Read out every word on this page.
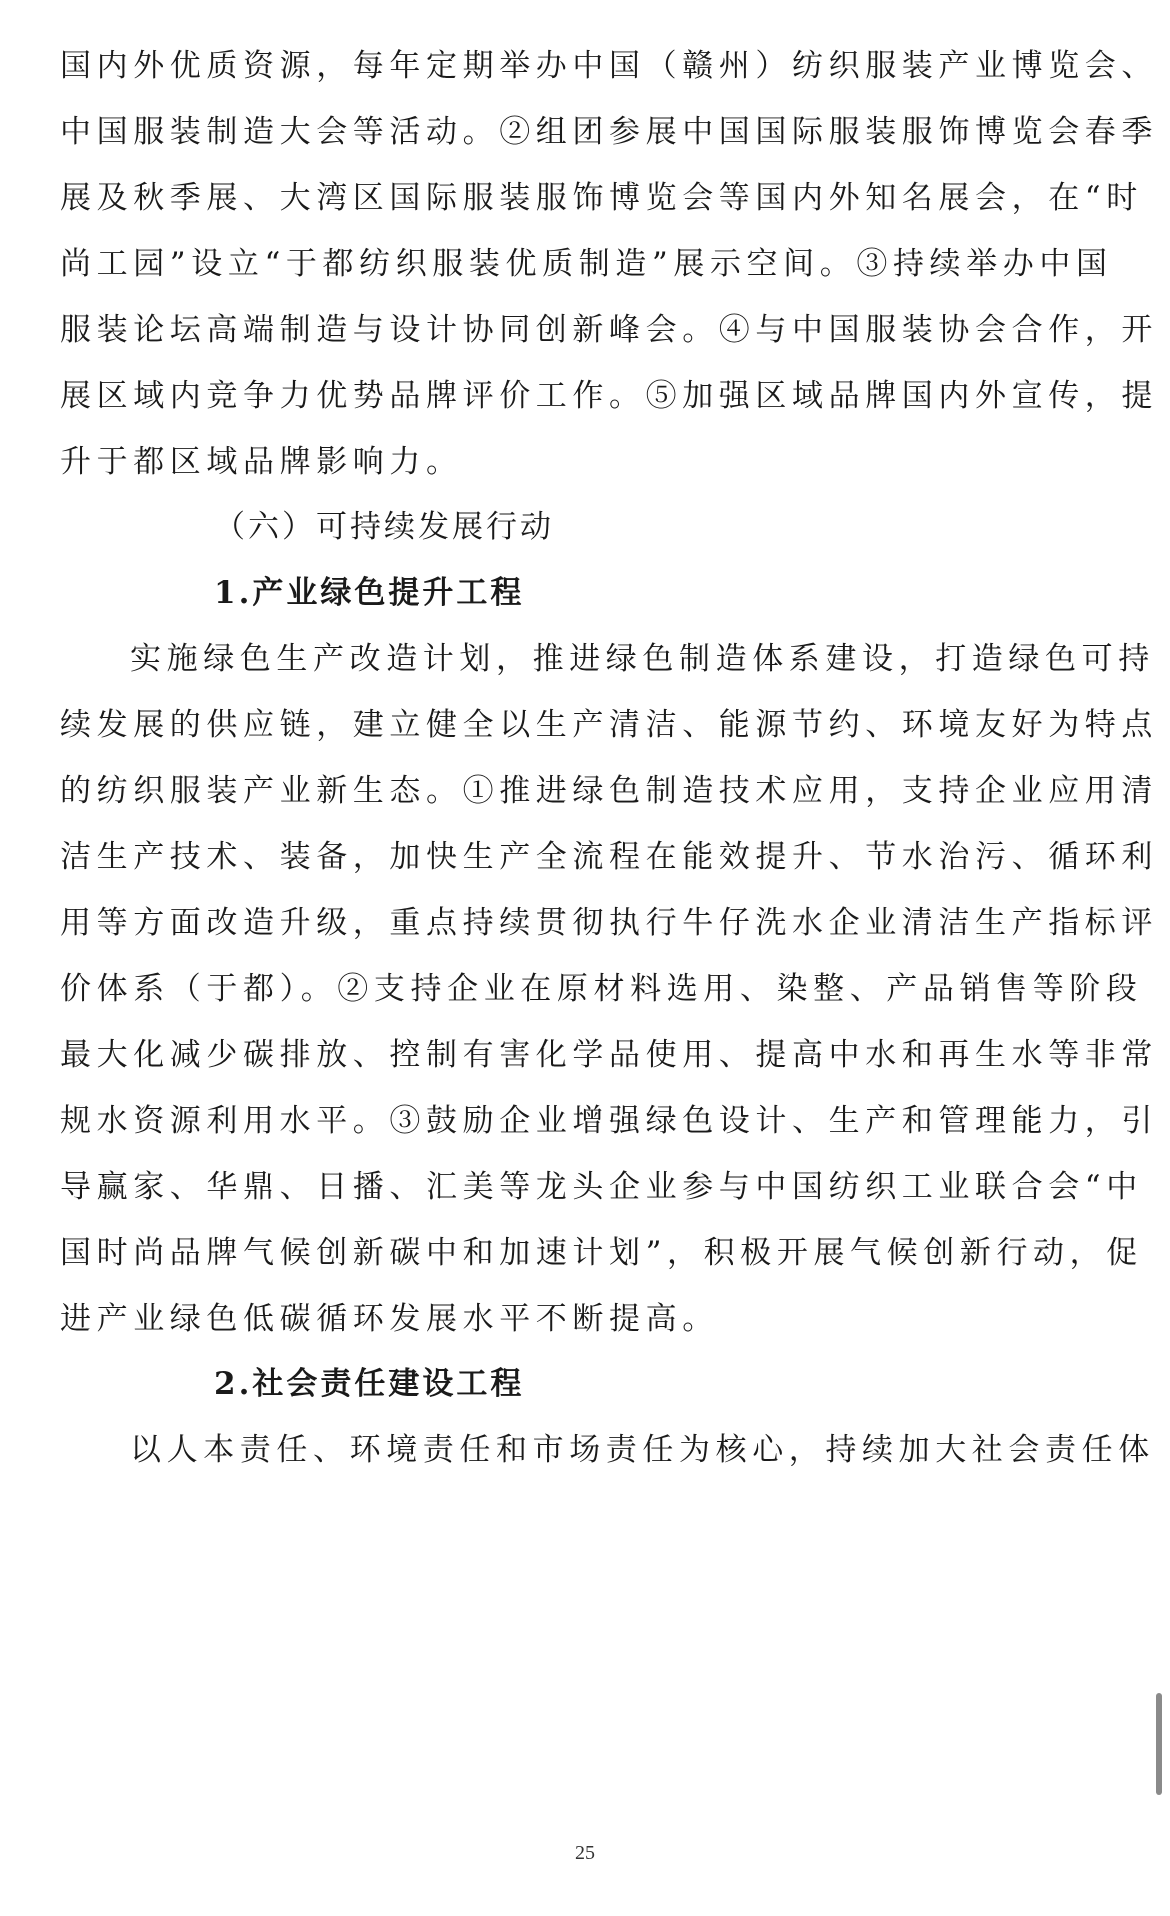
国内外优质资源，每年定期举办中国（赣州）纺织服装产业博览会、
中国服装制造大会等活动。②组团参展中国国际服装服饰博览会春季
展及秋季展、大湾区国际服装服饰博览会等国内外知名展会，在“时
尚工园”设立“于都纺织服装优质制造”展示空间。③持续举办中国
服装论坛高端制造与设计协同创新峰会。④与中国服装协会合作，开
展区域内竞争力优势品牌评价工作。⑤加强区域品牌国内外宣传，提
升于都区域品牌影响力。
（六）可持续发展行动
1.产业绿色提升工程
实施绿色生产改造计划，推进绿色制造体系建设，打造绿色可持
续发展的供应链，建立健全以生产清洁、能源节约、环境友好为特点
的纺织服装产业新生态。①推进绿色制造技术应用，支持企业应用清
洁生产技术、装备，加快生产全流程在能效提升、节水治污、循环利
用等方面改造升级，重点持续贯彻执行牛仔洗水企业清洁生产指标评
价体系（于都）。②支持企业在原材料选用、染整、产品销售等阶段
最大化减少碳排放、控制有害化学品使用、提高中水和再生水等非常
规水资源利用水平。③鼓励企业增强绿色设计、生产和管理能力，引
导赢家、华鼎、日播、汇美等龙头企业参与中国纺织工业联合会“中
国时尚品牌气候创新碳中和加速计划”，积极开展气候创新行动，促
进产业绿色低碳循环发展水平不断提高。
2.社会责任建设工程
以人本责任、环境责任和市场责任为核心，持续加大社会责任体
25
